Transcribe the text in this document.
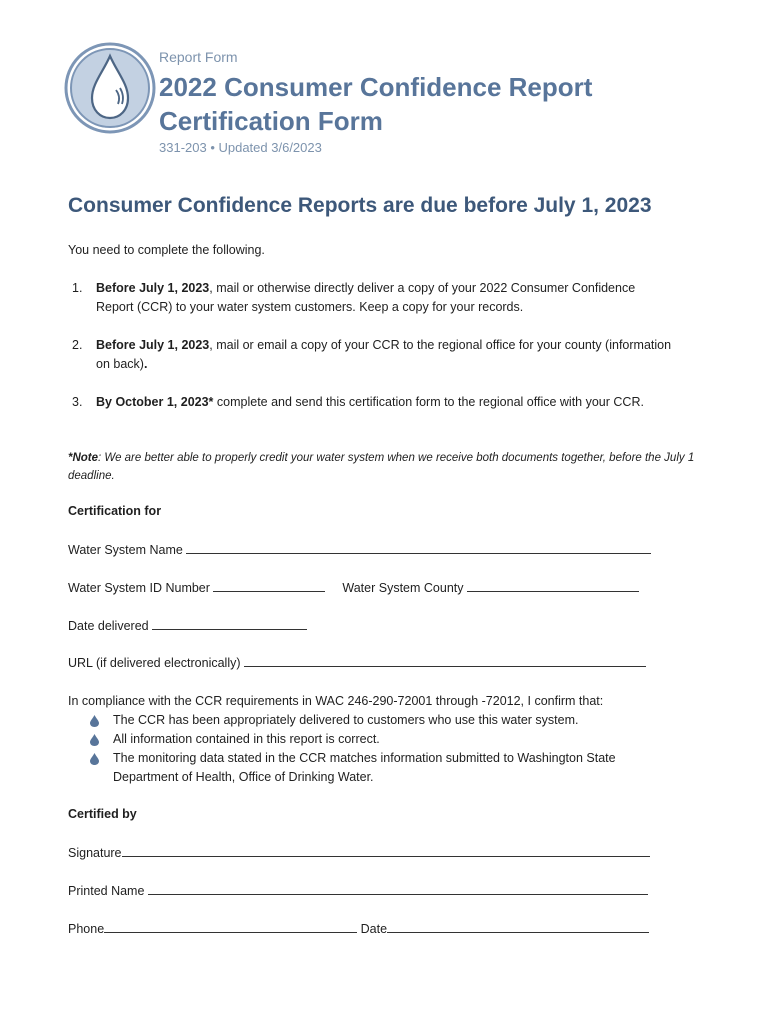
Report Form
2022 Consumer Confidence Report Certification Form
331-203 • Updated 3/6/2023
Consumer Confidence Reports are due before July 1, 2023
You need to complete the following.
1. Before July 1, 2023, mail or otherwise directly deliver a copy of your 2022 Consumer Confidence Report (CCR) to your water system customers. Keep a copy for your records.
2. Before July 1, 2023, mail or email a copy of your CCR to the regional office for your county (information on back).
3. By October 1, 2023* complete and send this certification form to the regional office with your CCR.
*Note: We are better able to properly credit your water system when we receive both documents together, before the July 1 deadline.
Certification for
Water System Name
Water System ID Number	Water System County
Date delivered
URL (if delivered electronically)
In compliance with the CCR requirements in WAC 246-290-72001 through -72012, I confirm that:
The CCR has been appropriately delivered to customers who use this water system.
All information contained in this report is correct.
The monitoring data stated in the CCR matches information submitted to Washington State Department of Health, Office of Drinking Water.
Certified by
Signature
Printed Name
Phone	Date
